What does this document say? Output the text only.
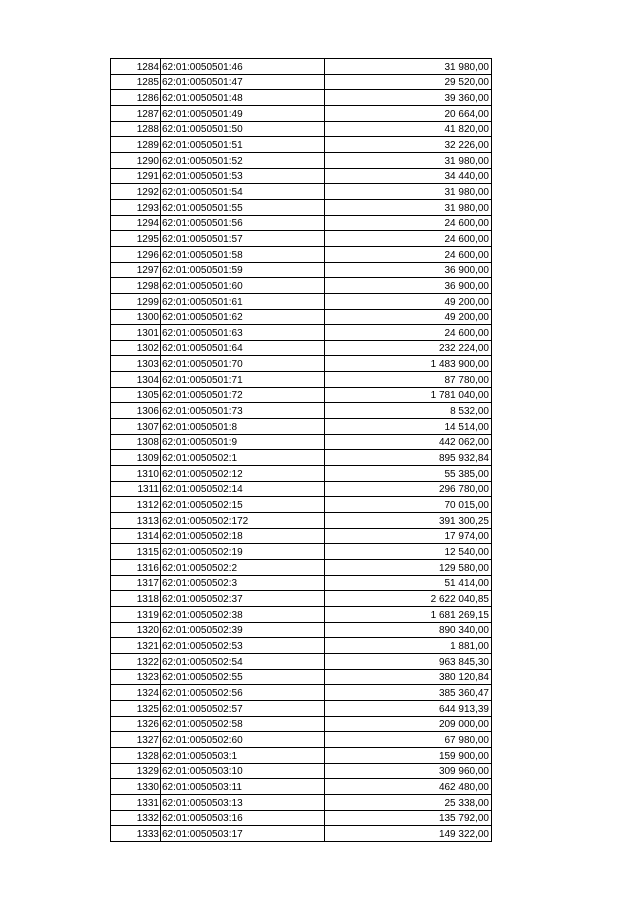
1284	62:01:0050501:46	31 980,00
1285	62:01:0050501:47	29 520,00
1286	62:01:0050501:48	39 360,00
1287	62:01:0050501:49	20 664,00
1288	62:01:0050501:50	41 820,00
1289	62:01:0050501:51	32 226,00
1290	62:01:0050501:52	31 980,00
1291	62:01:0050501:53	34 440,00
1292	62:01:0050501:54	31 980,00
1293	62:01:0050501:55	31 980,00
1294	62:01:0050501:56	24 600,00
1295	62:01:0050501:57	24 600,00
1296	62:01:0050501:58	24 600,00
1297	62:01:0050501:59	36 900,00
1298	62:01:0050501:60	36 900,00
1299	62:01:0050501:61	49 200,00
1300	62:01:0050501:62	49 200,00
1301	62:01:0050501:63	24 600,00
1302	62:01:0050501:64	232 224,00
1303	62:01:0050501:70	1 483 900,00
1304	62:01:0050501:71	87 780,00
1305	62:01:0050501:72	1 781 040,00
1306	62:01:0050501:73	8 532,00
1307	62:01:0050501:8	14 514,00
1308	62:01:0050501:9	442 062,00
1309	62:01:0050502:1	895 932,84
1310	62:01:0050502:12	55 385,00
1311	62:01:0050502:14	296 780,00
1312	62:01:0050502:15	70 015,00
1313	62:01:0050502:172	391 300,25
1314	62:01:0050502:18	17 974,00
1315	62:01:0050502:19	12 540,00
1316	62:01:0050502:2	129 580,00
1317	62:01:0050502:3	51 414,00
1318	62:01:0050502:37	2 622 040,85
1319	62:01:0050502:38	1 681 269,15
1320	62:01:0050502:39	890 340,00
1321	62:01:0050502:53	1 881,00
1322	62:01:0050502:54	963 845,30
1323	62:01:0050502:55	380 120,84
1324	62:01:0050502:56	385 360,47
1325	62:01:0050502:57	644 913,39
1326	62:01:0050502:58	209 000,00
1327	62:01:0050502:60	67 980,00
1328	62:01:0050503:1	159 900,00
1329	62:01:0050503:10	309 960,00
1330	62:01:0050503:11	462 480,00
1331	62:01:0050503:13	25 338,00
1332	62:01:0050503:16	135 792,00
1333	62:01:0050503:17	149 322,00
